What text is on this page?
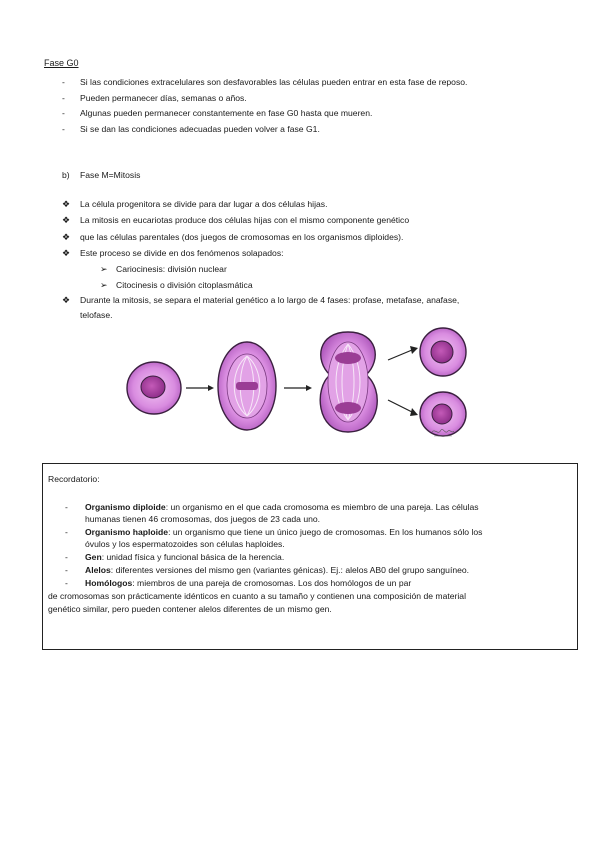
Fase G0
- Si las condiciones extracelulares son desfavorables las células pueden entrar en esta fase de reposo.
- Pueden permanecer días, semanas o años.
- Algunas pueden permanecer constantemente en fase G0 hasta que mueren.
- Si se dan las condiciones adecuadas pueden volver a fase G1.
b) Fase M=Mitosis
❖ La célula progenitora se divide para dar lugar a dos células hijas.
❖ La mitosis en eucariotas produce dos células hijas con el mismo componente genético
❖ que las células parentales (dos juegos de cromosomas en los organismos diploides).
❖ Este proceso se divide en dos fenómenos solapados:
➢ Cariocinesis: división nuclear
➢ Citocinesis o división citoplasmática
❖ Durante la mitosis, se separa el material genético a lo largo de 4 fases: profase, metafase, anafase,
telofase.
Recordatorio:
- Organismo diploide: un organismo en el que cada cromosoma es miembro de una pareja. Las células
humanas tienen 46 cromosomas, dos juegos de 23 cada uno.
- Organismo haploide: un organismo que tiene un único juego de cromosomas. En los humanos sólo los
óvulos y los espermatozoides son células haploides.
- Gen: unidad física y funcional básica de la herencia.
- Alelos: diferentes versiones del mismo gen (variantes génicas). Ej.: alelos AB0 del grupo sanguíneo.
- Homólogos: miembros de una pareja de cromosomas. Los dos homólogos de un par
de cromosomas son prácticamente idénticos en cuanto a su tamaño y contienen una composición de material
genético similar, pero pueden contener alelos diferentes de un mismo gen.
